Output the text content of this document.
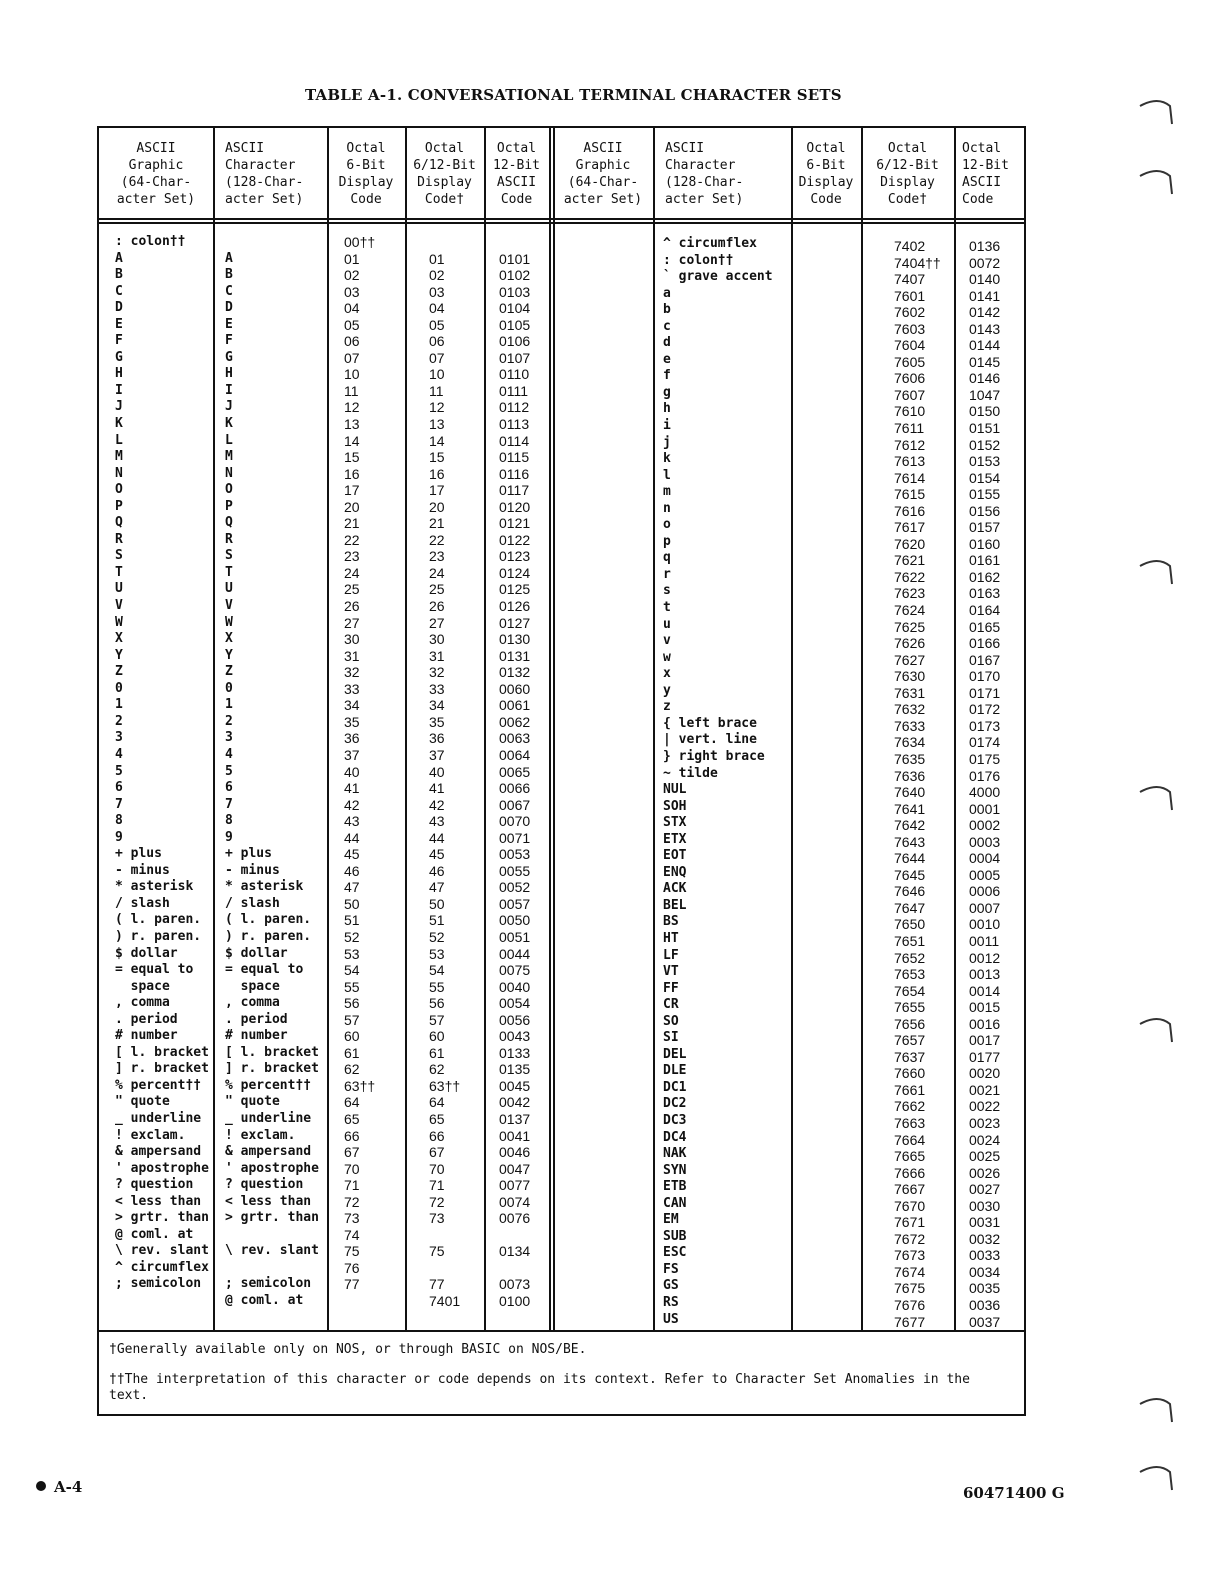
TABLE A-1. CONVERSATIONAL TERMINAL CHARACTER SETS
ASCII
Graphic
(64-Char-
acter Set)
ASCII
Character
(128-Char-
acter Set)
Octal
6-Bit
Display
Code
Octal
6/12-Bit
Display
Code†
Octal
12-Bit
ASCII
Code
ASCII
Graphic
(64-Char-
acter Set)
ASCII
Character
(128-Char-
acter Set)
Octal
6-Bit
Display
Code
Octal
6/12-Bit
Display
Code†
Octal
12-Bit
ASCII
Code
: colon††
A
B
C
D
E
F
G
H
I
J
K
L
M
N
O
P
Q
R
S
T
U
V
W
X
Y
Z
0
1
2
3
4
5
6
7
8
9
+ plus
- minus
* asterisk
/ slash
( l. paren.
) r. paren.
$ dollar
= equal to
space
, comma
. period
# number
[ l. bracket
] r. bracket
% percent††
" quote
_ underline
! exclam.
& ampersand
' apostrophe
? question
< less than
> grtr. than
@ coml. at
\ rev. slant
^ circumflex
; semicolon
A
B
C
D
E
F
G
H
I
J
K
L
M
N
O
P
Q
R
S
T
U
V
W
X
Y
Z
0
1
2
3
4
5
6
7
8
9
+ plus
- minus
* asterisk
/ slash
( l. paren.
) r. paren.
$ dollar
= equal to
space
, comma
. period
# number
[ l. bracket
] r. bracket
% percent††
" quote
_ underline
! exclam.
& ampersand
' apostrophe
? question
< less than
> grtr. than
\ rev. slant
; semicolon
@ coml. at
00††
01
02
03
04
05
06
07
10
11
12
13
14
15
16
17
20
21
22
23
24
25
26
27
30
31
32
33
34
35
36
37
40
41
42
43
44
45
46
47
50
51
52
53
54
55
56
57
60
61
62
63††
64
65
66
67
70
71
72
73
74
75
76
77
01
02
03
04
05
06
07
10
11
12
13
14
15
16
17
20
21
22
23
24
25
26
27
30
31
32
33
34
35
36
37
40
41
42
43
44
45
46
47
50
51
52
53
54
55
56
57
60
61
62
63††
64
65
66
67
70
71
72
73
75
77
7401
0101
0102
0103
0104
0105
0106
0107
0110
0111
0112
0113
0114
0115
0116
0117
0120
0121
0122
0123
0124
0125
0126
0127
0130
0131
0132
0060
0061
0062
0063
0064
0065
0066
0067
0070
0071
0053
0055
0052
0057
0050
0051
0044
0075
0040
0054
0056
0043
0133
0135
0045
0042
0137
0041
0046
0047
0077
0074
0076
0134
0073
0100
^ circumflex
: colon††
` grave accent
a
b
c
d
e
f
g
h
i
j
k
l
m
n
o
p
q
r
s
t
u
v
w
x
y
z
{ left brace
| vert. line
} right brace
~ tilde
NUL
SOH
STX
ETX
EOT
ENQ
ACK
BEL
BS
HT
LF
VT
FF
CR
SO
SI
DEL
DLE
DC1
DC2
DC3
DC4
NAK
SYN
ETB
CAN
EM
SUB
ESC
FS
GS
RS
US
7402
7404††
7407
7601
7602
7603
7604
7605
7606
7607
7610
7611
7612
7613
7614
7615
7616
7617
7620
7621
7622
7623
7624
7625
7626
7627
7630
7631
7632
7633
7634
7635
7636
7640
7641
7642
7643
7644
7645
7646
7647
7650
7651
7652
7653
7654
7655
7656
7657
7637
7660
7661
7662
7663
7664
7665
7666
7667
7670
7671
7672
7673
7674
7675
7676
7677
0136
0072
0140
0141
0142
0143
0144
0145
0146
1047
0150
0151
0152
0153
0154
0155
0156
0157
0160
0161
0162
0163
0164
0165
0166
0167
0170
0171
0172
0173
0174
0175
0176
4000
0001
0002
0003
0004
0005
0006
0007
0010
0011
0012
0013
0014
0015
0016
0017
0177
0020
0021
0022
0023
0024
0025
0026
0027
0030
0031
0032
0033
0034
0035
0036
0037

†Generally available only on NOS, or through BASIC on NOS/BE.

††The interpretation of this character or code depends on its context. Refer to Character Set Anomalies in the text.

A-4	60471400 G
